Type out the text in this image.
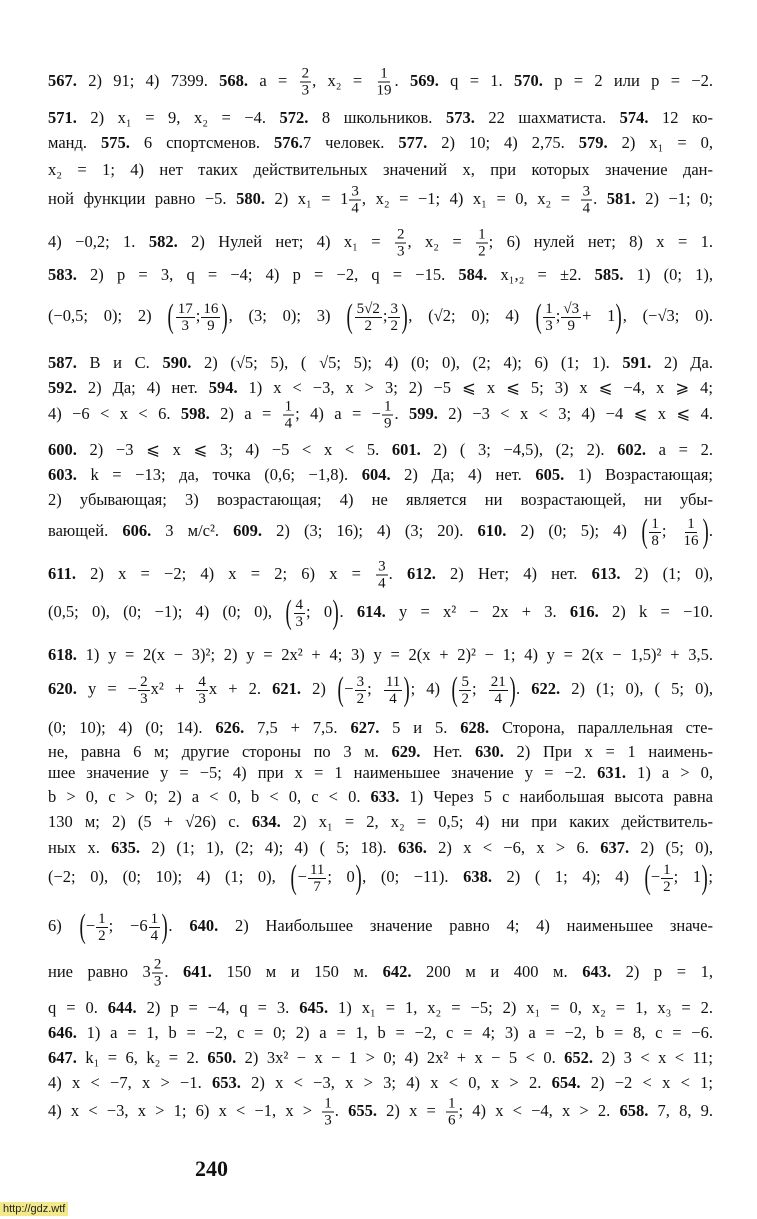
567. 2) 91; 4) 7399. 568. $a = \frac{2}{3}$ , $x_2 = \frac{1}{19}$ . 569. q = 1. 570. p = 2 или p = −2.
571. 2) x₁ = 9, x₂ = −4. 572. 8 школьников. 573. 22 шахматиста. 574. 12 ко-
манд. 575. 6 спортсменов. 576.7 человек. 577. 2) 10; 4) 2,75. 579. 2) x₁ = 0,
x₂ = 1; 4) нет таких действительных значений x, при которых значение дан-
ной функции равно −5. 580. 2) $x_1 = 1 \frac{3}{4}$ , x₂ = −1; 4) x₁ = 0, $x_2 = \frac{3}{4}$ . 581. 2) −1; 0;
4) −0,2; 1. 582. 2) Нулей нет; 4) $x_1 = \frac{2}{3}$ , $x_2 = \frac{1}{2}$ ; 6) нулей нет; 8) x = 1.
583. 2) p = 3, q = −4; 4) p = −2, q = −15. 584. x₁,₂ = ±2. 585. 1) (0; 1),
(−0,5; 0); 2) ( $\frac{17}{3}$ ; $\frac{16}{9}$ ), (3; 0); 3) ( $\frac{5√2}{2}$ ; $\frac{3}{2}$ ), (√2; 0); 4) ( $\frac{1}{3}$ ; $\frac{√3}{9} + 1$), (−√3; 0).
587. B и C. 590. 2) (√5; 5), ( √5; 5); 4) (0; 0), (2; 4); 6) (1; 1). 591. 2) Да.
592. 2) Да; 4) нет. 594. 1) x < −3, x > 3; 2) −5 ⩽ x ⩽ 5; 3) x ⩽ −4, x ⩾ 4;
4) −6 < x < 6. 598. 2) $a = \frac{1}{4}$ ; 4) a = − $\frac{1}{9}$ . 599. 2) −3 < x < 3; 4) −4 ⩽ x ⩽ 4.
600. 2) −3 ⩽ x ⩽ 3; 4) −5 < x < 5. 601. 2) ( 3; −4,5), (2; 2). 602. a = 2.
603. k = −13; да, точка (0,6; −1,8). 604. 2) Да; 4) нет. 605. 1) Возрастающая;
2) убывающая; 3) возрастающая; 4) не является ни возрастающей, ни убы-
вающей. 606. 3 м/с². 609. 2) (3; 16); 4) (3; 20). 610. 2) (0; 5); 4) ( $\frac{1}{8}$ ; $\frac{1}{16}$ ).
611. 2) x = −2; 4) x = 2; 6) $x = \frac{3}{4}$ . 612. 2) Нет; 4) нет. 613. 2) (1; 0),
(0,5; 0), (0; −1); 4) (0; 0), ( $\frac{4}{3}$ ; 0). 614. y = x² − 2x + 3. 616. 2) k = −10.
618. 1) y = 2(x − 3)²; 2) y = 2x² + 4; 3) y = 2(x + 2)² − 1; 4) y = 2(x − 1,5)² + 3,5.
620. y = − $\frac{2}{3} x^2 + \frac{4}{3}$ x + 2. 621. 2) (− $\frac{3}{2}$ ; $\frac{11}{4}$ ); 4) ( $\frac{5}{2}$ ; $\frac{21}{4}$ ). 622. 2) (1; 0), ( 5; 0),
(0; 10); 4) (0; 14). 626. 7,5 + 7,5. 627. 5 и 5. 628. Сторона, параллельная сте-
не, равна 6 м; другие стороны по 3 м. 629. Нет. 630. 2) При x = 1 наимень-
шее значение y = −5; 4) при x = 1 наименьшее значение y = −2. 631. 1) a > 0,
b > 0, c > 0; 2) a < 0, b < 0, c < 0. 633. 1) Через 5 с наибольшая высота равна
130 м; 2) (5 + √26) с. 634. 2) x₁ = 2, x₂ = 0,5; 4) ни при каких действитель-
ных x. 635. 2) (1; 1), (2; 4); 4) ( 5; 18). 636. 2) x < −6, x > 6. 637. 2) (5; 0),
(−2; 0), (0; 10); 4) (1; 0), (− $\frac{11}{7}$ ; 0), (0; −11). 638. 2) ( 1; 4); 4) (− $\frac{1}{2}$ ; 1);
6) (− $\frac{1}{2}$ ; $-6 \frac{1}{4}$ ). 640. 2) Наибольшее значение равно 4; 4) наименьшее значе-
ние равно $3 \frac{2}{3}$ . 641. 150 м и 150 м. 642. 200 м и 400 м. 643. 2) p = 1,
q = 0. 644. 2) p = −4, q = 3. 645. 1) x₁ = 1, x₂ = −5; 2) x₁ = 0, x₂ = 1, x₃ = 2.
646. 1) a = 1, b = −2, c = 0; 2) a = 1, b = −2, c = 4; 3) a = −2, b = 8, c = −6.
647. k₁ = 6, k₂ = 2. 650. 2) 3x² − x − 1 > 0; 4) 2x² + x − 5 < 0. 652. 2) 3 < x < 11;
4) x < −7, x > −1. 653. 2) x < −3, x > 3; 4) x < 0, x > 2. 654. 2) −2 < x < 1;
4) x < −3, x > 1; 6) x < −1, $x > \frac{1}{3}$ . 655. 2) $x = \frac{1}{6}$ ; 4) x < −4, x > 2. 658. 7, 8, 9.
240
http://gdz.wtf
